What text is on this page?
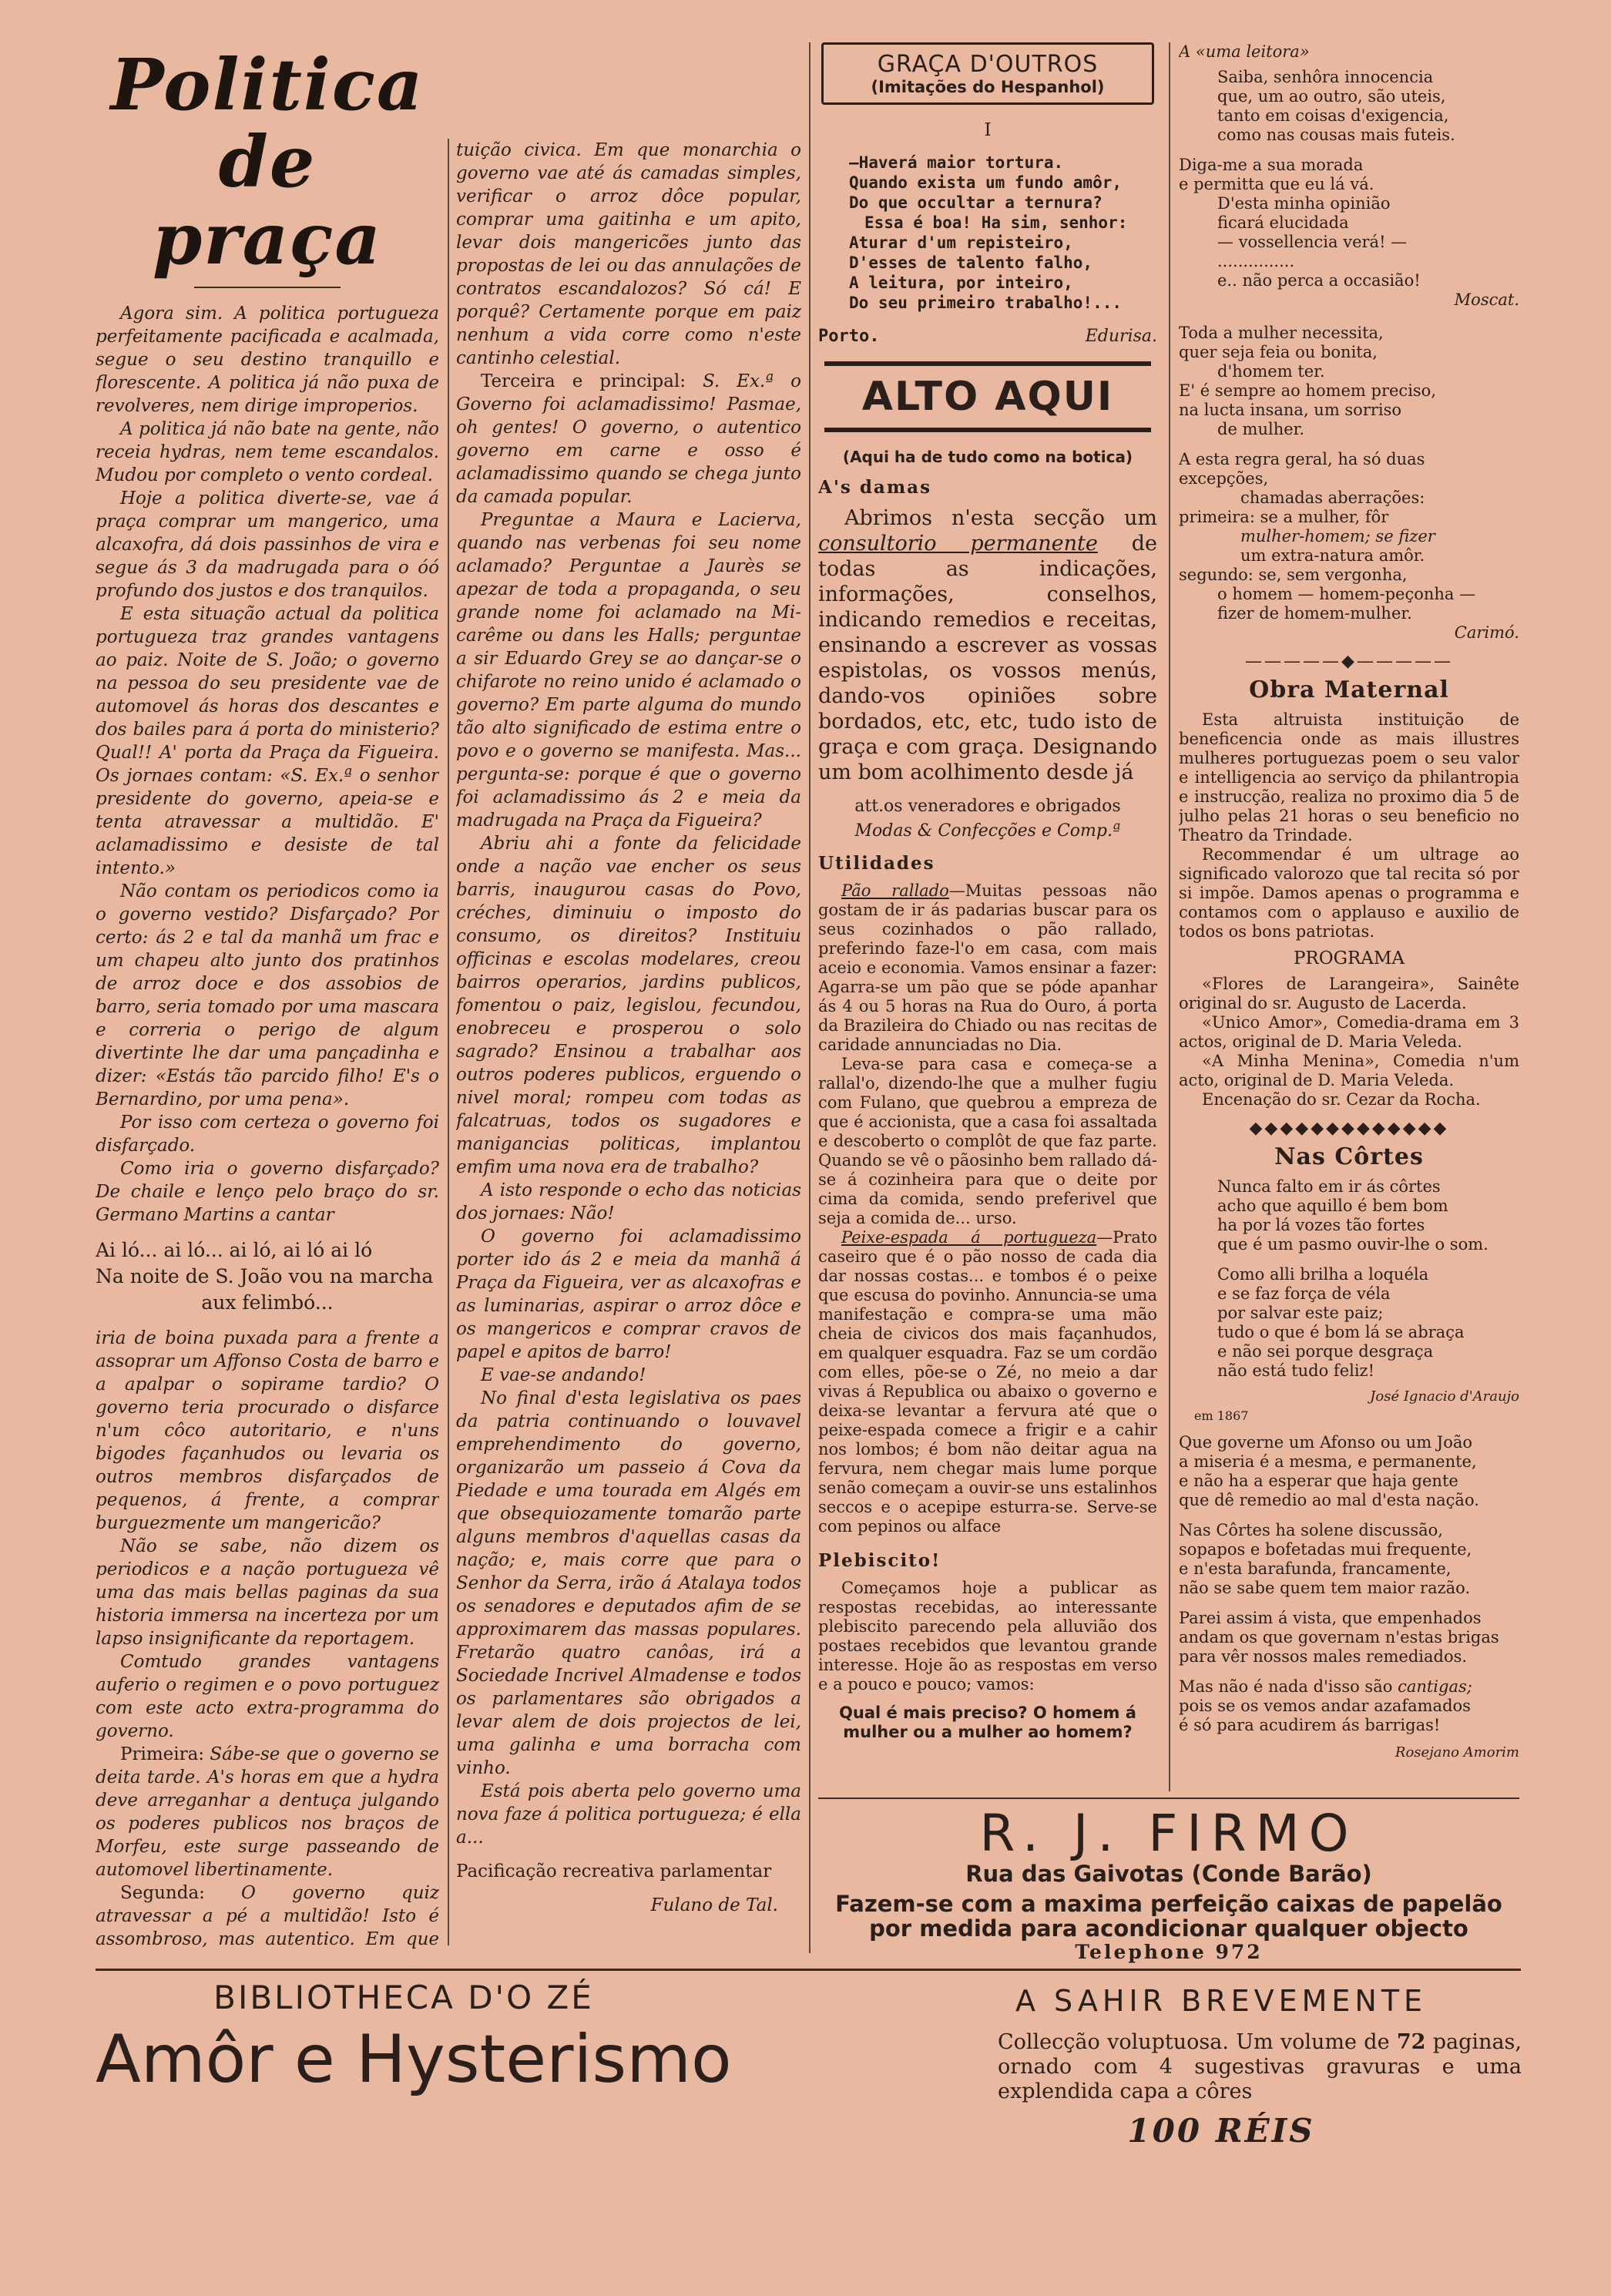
Politica de praça

Agora sim. A politica portugueza perfeitamente pacificada e acalmada, segue o seu destino tranquillo e florescente. A politica já não puxa de revolveres, nem dirige improperios.

A politica já não bate na gente, não receia hydras, nem teme escandalos. Mudou por completo o vento cordeal.

Hoje a politica diverte-se, vae á praça comprar um mangerico, uma alcaxofra, dá dois passinhos de vira e segue ás 3 da madrugada para o óó profundo dos justos e dos tranquilos.

E esta situação actual da politica portugueza traz grandes vantagens ao paiz. Noite de S. João; o governo na pessoa do seu presidente vae de automovel ás horas dos descantes e dos bailes para á porta do ministerio? Qual!! A' porta da Praça da Figueira. Os jornaes contam: «S. Ex.ª o senhor presidente do governo, apeia-se e tenta atravessar a multidão. E' aclamadissimo e desiste de tal intento.»

Não contam os periodicos como ia o governo vestido? Disfarçado? Por certo: ás 2 e tal da manhã um frac e um chapeu alto junto dos pratinhos de arroz doce e dos assobios de barro, seria tomado por uma mascara e correria o perigo de algum divertinte lhe dar uma pançadinha e dizer: «Estás tão parcido filho! E's o Bernardino, por uma pena».

Por isso com certeza o governo foi disfarçado.

Como iria o governo disfarçado? De chaile e lenço pelo braço do sr. Germano Martins a cantar

Ai ló... ai ló... ai ló, ai ló ai ló

Na noite de S. João vou na marcha

aux felimbó...

iria de boina puxada para a frente a assoprar um Affonso Costa de barro e a apalpar o sopirame tardio? O governo teria procurado o disfarce n'um côco autoritario, e n'uns bigodes façanhudos ou levaria os outros membros disfarçados de pequenos, á frente, a comprar burguezmente um mangericão?

Não se sabe, não dizem os periodicos e a nação portugueza vê uma das mais bellas paginas da sua historia immersa na incerteza por um lapso insignificante da reportagem.

Comtudo grandes vantagens auferio o regimen e o povo portuguez com este acto extra-programma do governo.

Primeira: Sábe-se que o governo se deita tarde. A's horas em que a hydra deve arreganhar a dentuça julgando os poderes publicos nos braços de Morfeu, este surge passeando de automovel libertinamente.

Segunda: O governo quiz atravessar a pé a multidão! Isto é assombroso, mas autentico. Em que

tuição civica. Em que monarchia o governo vae até ás camadas simples, verificar o arroz dôce popular, comprar uma gaitinha e um apito, levar dois mangericões junto das propostas de lei ou das annulações de contratos escandalozos? Só cá! E porquê? Certamente porque em paiz nenhum a vida corre como n'este cantinho celestial.

Terceira e principal: S. Ex.ª o Governo foi aclamadissimo! Pasmae, oh gentes! O governo, o autentico governo em carne e osso é aclamadissimo quando se chega junto da camada popular.

Preguntae a Maura e Lacierva, quando nas verbenas foi seu nome aclamado? Perguntae a Jaurès se apezar de toda a propaganda, o seu grande nome foi aclamado na Mi-carême ou dans les Halls; perguntae a sir Eduardo Grey se ao dançar-se o chifarote no reino unido é aclamado o governo? Em parte alguma do mundo tão alto significado de estima entre o povo e o governo se manifesta. Mas... pergunta-se: porque é que o governo foi aclamadissimo ás 2 e meia da madrugada na Praça da Figueira?

Abriu ahi a fonte da felicidade onde a nação vae encher os seus barris, inaugurou casas do Povo, créches, diminuiu o imposto do consumo, os direitos? Instituiu officinas e escolas modelares, creou bairros operarios, jardins publicos, fomentou o paiz, legislou, fecundou, enobreceu e prosperou o solo sagrado? Ensinou a trabalhar aos outros poderes publicos, erguendo o nivel moral; rompeu com todas as falcatruas, todos os sugadores e manigancias politicas, implantou emfim uma nova era de trabalho?

A isto responde o echo das noticias dos jornaes: Não!

O governo foi aclamadissimo porter ido ás 2 e meia da manhã á Praça da Figueira, ver as alcaxofras e as luminarias, aspirar o arroz dôce e os mangericos e comprar cravos de papel e apitos de barro!

E vae-se andando!

No final d'esta legislativa os paes da patria continuando o louvavel emprehendimento do governo, organizarão um passeio á Cova da Piedade e uma tourada em Algés em que obsequiozamente tomarão parte alguns membros d'aquellas casas da nação; e, mais corre que para o Senhor da Serra, irão á Atalaya todos os senadores e deputados afim de se approximarem das massas populares. Fretarão quatro canôas, irá a Sociedade Incrivel Almadense e todos os parlamentares são obrigados a levar alem de dois projectos de lei, uma galinha e uma borracha com vinho.

Está pois aberta pelo governo uma nova faze á politica portugueza; é ella a...

Pacificação recreativa parlamentar

Fulano de Tal.

GRAÇA D'OUTROS
(Imitações do Hespanhol)
I
—Haverá maior tortura.
Quando exista um fundo amôr,
Do que occultar a ternura?
Essa é boa! Ha sim, senhor:
Aturar d'um repisteiro,
D'esses de talento falho,
A leitura, por inteiro,
Do seu primeiro trabalho!...
Porto.	Edurisa.
ALTO AQUI
(Aqui ha de tudo como na botica)
A's damas

Abrimos n'esta secção um consultorio permanente de todas as indicações, informações, conselhos, indicando remedios e receitas, ensinando a escrever as vossas espistolas, os vossos menús, dando-vos opiniões sobre bordados, etc, etc, tudo isto de graça e com graça. Designando um bom acolhimento desde já

att.os veneradores e obrigados
Modas & Confecções e Comp.ª
Utilidades

Pão rallado—Muitas pessoas não gostam de ir ás padarias buscar para os seus cozinhados o pão rallado, preferindo faze-l'o em casa, com mais aceio e economia. Vamos ensinar a fazer: Agarra-se um pão que se póde apanhar ás 4 ou 5 horas na Rua do Ouro, á porta da Brazileira do Chiado ou nas recitas de caridade annunciadas no Dia.

Leva-se para casa e começa-se a rallal'o, dizendo-lhe que a mulher fugiu com Fulano, que quebrou a empreza de que é accionista, que a casa foi assaltada e descoberto o complôt de que faz parte. Quando se vê o pãosinho bem rallado dá-se á cozinheira para que o deite por cima da comida, sendo preferivel que seja a comida de... urso.

Peixe-espada á portugueza—Prato caseiro que é o pão nosso de cada dia dar nossas costas... e tombos é o peixe que escusa do povinho. Annuncia-se uma manifestação e compra-se uma mão cheia de civicos dos mais façanhudos, em qualquer esquadra. Faz se um cordão com elles, põe-se o Zé, no meio a dar vivas á Republica ou abaixo o governo e deixa-se levantar a fervura até que o peixe-espada comece a frigir e a cahir nos lombos; é bom não deitar agua na fervura, nem chegar mais lume porque senão começam a ouvir-se uns estalinhos seccos e o acepipe esturra-se. Serve-se com pepinos ou alface

Plebiscito!

Começamos hoje a publicar as respostas recebidas, ao interessante plebiscito parecendo pela alluvião dos postaes recebidos que levantou grande interesse. Hoje ão as respostas em verso e a pouco e pouco; vamos:

Qual é mais preciso? O homem á mulher ou a mulher ao homem?
A «uma leitora»
Saiba, senhôra innocencia
que, um ao outro, são uteis,
tanto em coisas d'exigencia,
como nas cousas mais futeis.
Diga-me a sua morada
e permitta que eu lá vá.
D'esta minha opinião
ficará elucidada
— vossellencia verá! —
...............
e.. não perca a occasião!
Moscat.
Toda a mulher necessita,
quer seja feia ou bonita,
d'homem ter.
E' é sempre ao homem preciso,
na lucta insana, um sorriso
de mulher.
A esta regra geral, ha só duas excepções,
chamadas aberrações:
primeira: se a mulher, fôr
mulher-homem; se fizer
um extra-natura amôr.
segundo: se, sem vergonha,
o homem — homem-peçonha —
fizer de homem-mulher.
Carimó.
—————◆—————
Obra Maternal

Esta altruista instituição de beneficencia onde as mais illustres mulheres portuguezas poem o seu valor e intelligencia ao serviço da philantropia e instrucção, realiza no proximo dia 5 de julho pelas 21 horas o seu beneficio no Theatro da Trindade.

Recommendar é um ultrage ao significado valorozo que tal recita só por si impõe. Damos apenas o programma e contamos com o applauso e auxilio de todos os bons patriotas.

PROGRAMA

«Flores de Larangeira», Sainête original do sr. Augusto de Lacerda.

«Unico Amor», Comedia-drama em 3 actos, original de D. Maria Veleda.

«A Minha Menina», Comedia n'um acto, original de D. Maria Veleda.

Encenação do sr. Cezar da Rocha.

◆◆◆◆◆◆◆◆◆◆◆◆◆
Nas Côrtes
Nunca falto em ir ás côrtes
acho que aquillo é bem bom
ha por lá vozes tão fortes
que é um pasmo ouvir-lhe o som.
Como alli brilha a loquéla
e se faz força de véla
por salvar este paiz;
tudo o que é bom lá se abraça
e não sei porque desgraça
não está tudo feliz!
José Ignacio d'Araujo
em 1867
Que governe um Afonso ou um João
a miseria é a mesma, e permanente,
e não ha a esperar que haja gente
que dê remedio ao mal d'esta nação.
Nas Côrtes ha solene discussão,
sopapos e bofetadas mui frequente,
e n'esta barafunda, francamente,
não se sabe quem tem maior razão.
Parei assim á vista, que empenhados
andam os que governam n'estas brigas
para vêr nossos males remediados.
Mas não é nada d'isso são cantigas;
pois se os vemos andar azafamados
é só para acudirem ás barrigas!
Rosejano Amorim
R. J. FIRMO
Rua das Gaivotas (Conde Barão)
Fazem-se com a maxima perfeição caixas de papelão
por medida para acondicionar qualquer objecto
Telephone 972
BIBLIOTHECA D'O ZÉ
Amôr e Hysterismo
A SAHIR BREVEMENTE
Collecção voluptuosa. Um volume de 72 paginas, ornado com 4 sugestivas gravuras e uma explendida capa a côres
100 RÉIS
